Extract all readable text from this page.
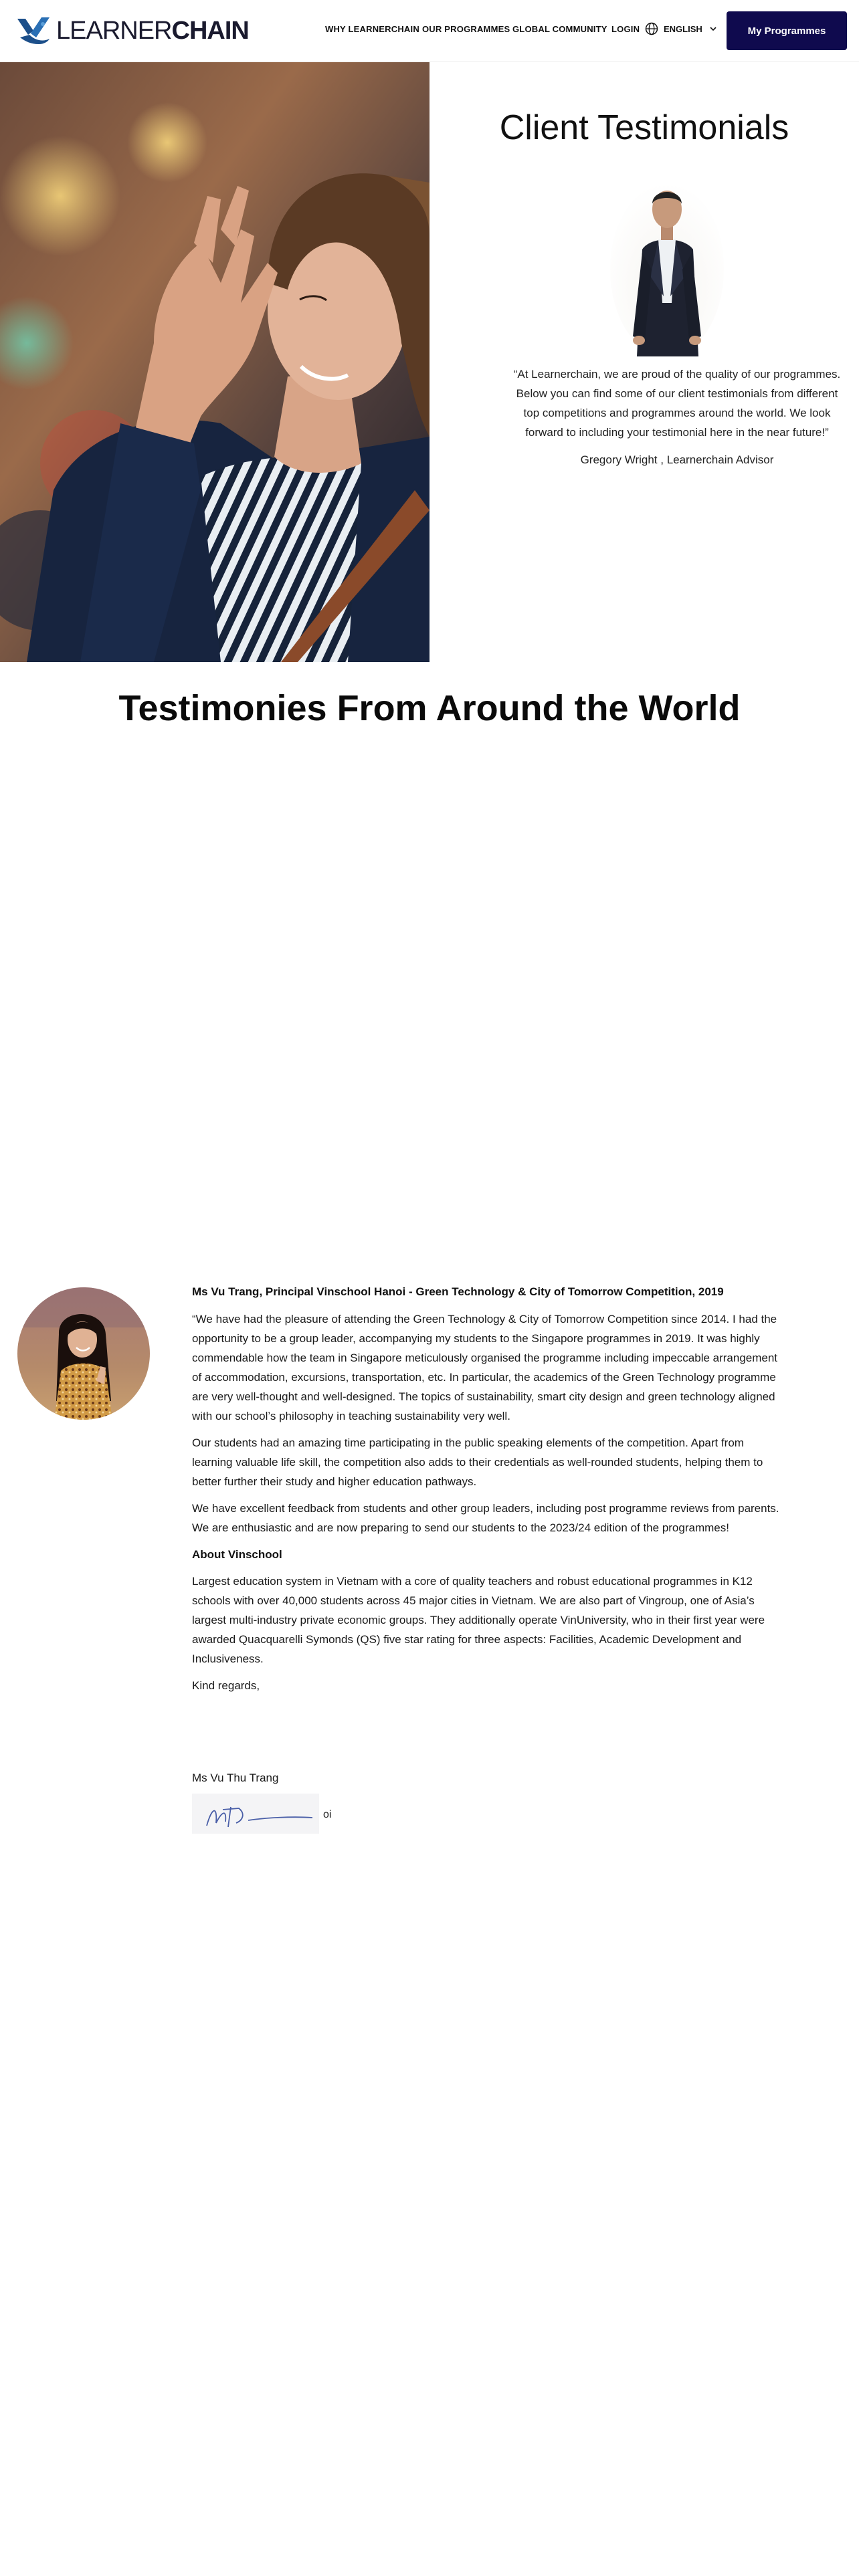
LEARNERCHAIN	WHY LEARNERCHAIN OUR PROGRAMMES GLOBAL COMMUNITY LOGIN	ENGLISH	My Programmes
Client Testimonials

“At Learnerchain, we are proud of the quality of our programmes. Below you can find some of our client testimonials from different top competitions and programmes around the world. We look forward to including your testimonial here in the near future!”

Gregory Wright , Learnerchain Advisor

Testimonies From Around the World

Ms Vu Trang, Principal Vinschool Hanoi - Green Technology & City of Tomorrow Competition, 2019

“We have had the pleasure of attending the Green Technology & City of Tomorrow Competition since 2014. I had the opportunity to be a group leader, accompanying my students to the Singapore programmes in 2019. It was highly commendable how the team in Singapore meticulously organised the programme including impeccable arrangement of accommodation, excursions, transportation, etc. In particular, the academics of the Green Technology programme are very well-thought and well-designed. The topics of sustainability, smart city design and green technology aligned with our school’s philosophy in teaching sustainability very well.

Our students had an amazing time participating in the public speaking elements of the competition. Apart from learning valuable life skill, the competition also adds to their credentials as well-rounded students, helping them to better further their study and higher education pathways.

We have excellent feedback from students and other group leaders, including post programme reviews from parents. We are enthusiastic and are now preparing to send our students to the 2023/24 edition of the programmes!

About Vinschool

Largest education system in Vietnam with a core of quality teachers and robust educational programmes in K12 schools with over 40,000 students across 45 major cities in Vietnam. We are also part of Vingroup, one of Asia’s largest multi-industry private economic groups. They additionally operate VinUniversity, who in their first year were awarded Quacquarelli Symonds (QS) five star rating for three aspects: Facilities, Academic Development and Inclusiveness.

Kind regards,

Ms Vu Thu Trang

oi
